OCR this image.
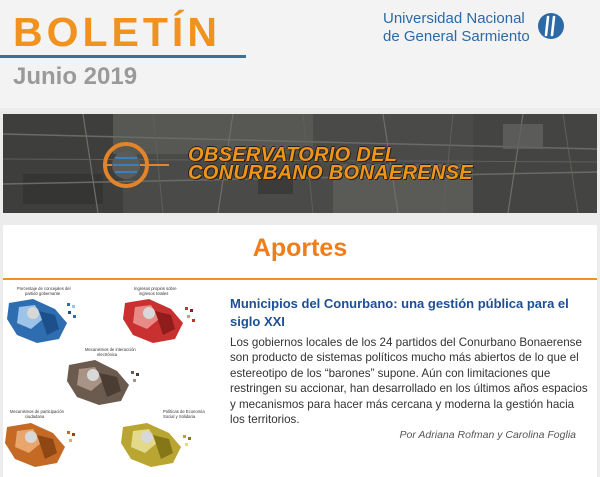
BOLETÍN
Junio 2019
Universidad Nacional
de General Sarmiento
OBSERVATORIO DEL
CONURBANO BONAERENSE
Aportes
Porcentaje de concejales del
partido gobernante
Ingresos propios sobre
ingresos totales
Mecanismos de interacción
electrónica
Mecanismos de participación
ciudadana
Políticas de Economía
Social y Solidaria
Municipios del Conurbano: una gestión pública para el siglo XXI
Los gobiernos locales de los 24 partidos del Conurbano Bonaerense son producto de sistemas políticos mucho más abiertos de lo que el estereotipo de los “barones” supone. Aún con limitaciones que restringen su accionar, han desarrollado en los últimos años espacios y mecanismos para hacer más cercana y moderna la gestión hacia los territorios.
Por Adriana Rofman y Carolina Foglia
